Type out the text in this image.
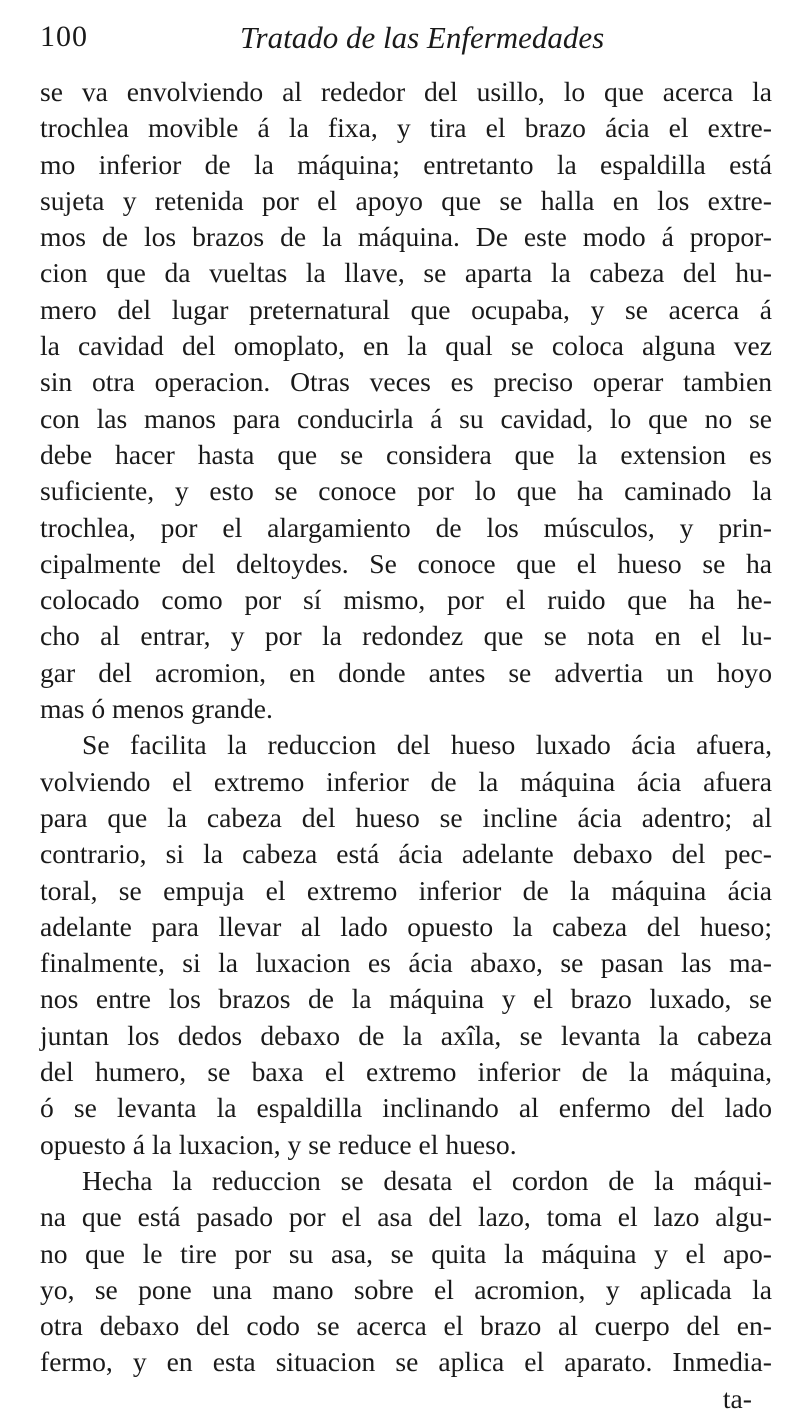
100	Tratado de las Enfermedades
se va envolviendo al rededor del usillo, lo que acerca la
trochlea movible á la fixa, y tira el brazo ácia el extre-
mo inferior de la máquina; entretanto la espaldilla está
sujeta y retenida por el apoyo que se halla en los extre-
mos de los brazos de la máquina. De este modo á propor-
cion que da vueltas la llave, se aparta la cabeza del hu-
mero del lugar preternatural que ocupaba, y se acerca á
la cavidad del omoplato, en la qual se coloca alguna vez
sin otra operacion. Otras veces es preciso operar tambien
con las manos para conducirla á su cavidad, lo que no se
debe hacer hasta que se considera que la extension es
suficiente, y esto se conoce por lo que ha caminado la
trochlea, por el alargamiento de los músculos, y prin-
cipalmente del deltoydes. Se conoce que el hueso se ha
colocado como por sí mismo, por el ruido que ha he-
cho al entrar, y por la redondez que se nota en el lu-
gar del acromion, en donde antes se advertia un hoyo
mas ó menos grande.
Se facilita la reduccion del hueso luxado ácia afuera,
volviendo el extremo inferior de la máquina ácia afuera
para que la cabeza del hueso se incline ácia adentro; al
contrario, si la cabeza está ácia adelante debaxo del pec-
toral, se empuja el extremo inferior de la máquina ácia
adelante para llevar al lado opuesto la cabeza del hueso;
finalmente, si la luxacion es ácia abaxo, se pasan las ma-
nos entre los brazos de la máquina y el brazo luxado, se
juntan los dedos debaxo de la axîla, se levanta la cabeza
del humero, se baxa el extremo inferior de la máquina,
ó se levanta la espaldilla inclinando al enfermo del lado
opuesto á la luxacion, y se reduce el hueso.
Hecha la reduccion se desata el cordon de la máqui-
na que está pasado por el asa del lazo, toma el lazo algu-
no que le tire por su asa, se quita la máquina y el apo-
yo, se pone una mano sobre el acromion, y aplicada la
otra debaxo del codo se acerca el brazo al cuerpo del en-
fermo, y en esta situacion se aplica el aparato. Inmedia-
ta-
